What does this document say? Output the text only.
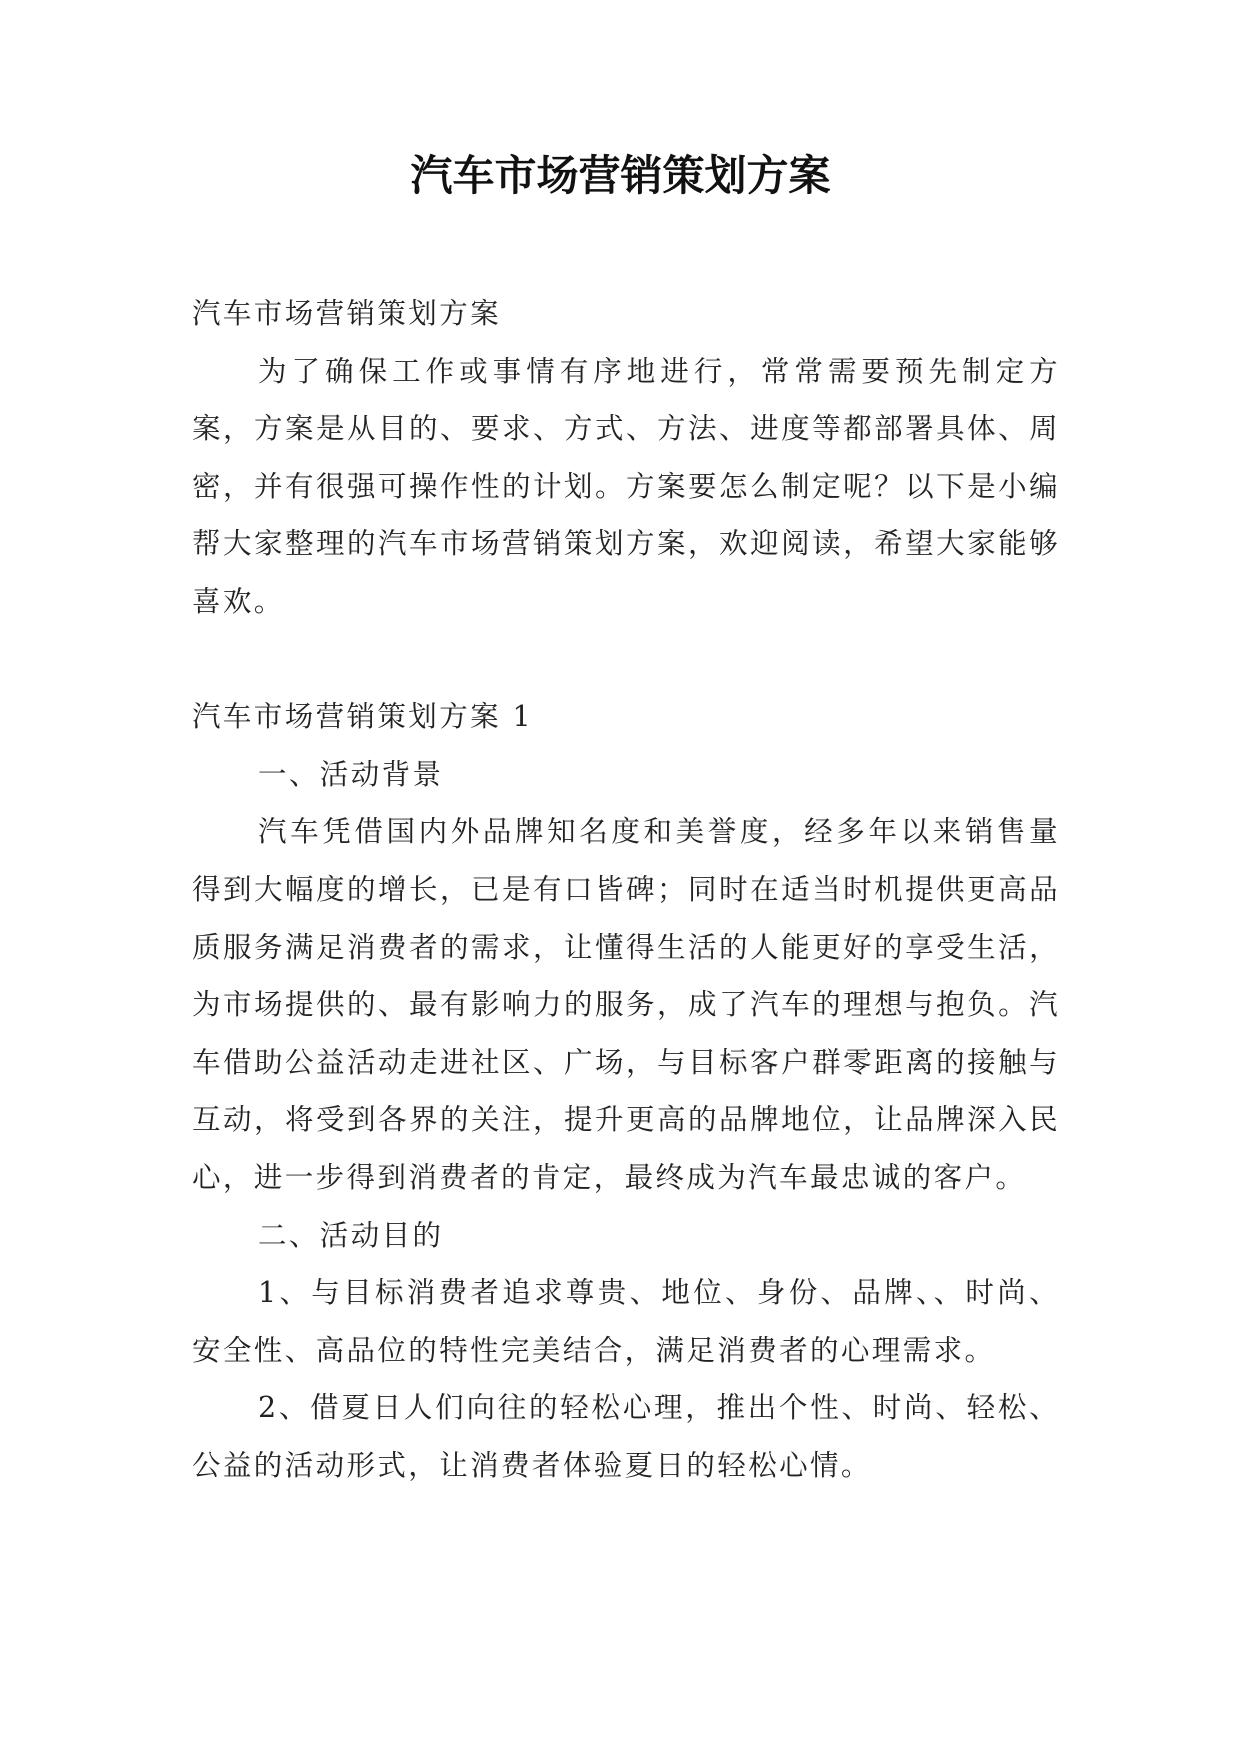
汽车市场营销策划方案

汽车市场营销策划方案

为了确保工作或事情有序地进行，常常需要预先制定方案，方案是从目的、要求、方式、方法、进度等都部署具体、周密，并有很强可操作性的计划。方案要怎么制定呢？以下是小编帮大家整理的汽车市场营销策划方案，欢迎阅读，希望大家能够喜欢。

汽车市场营销策划方案 1

一、活动背景

汽车凭借国内外品牌知名度和美誉度，经多年以来销售量得到大幅度的增长，已是有口皆碑；同时在适当时机提供更高品质服务满足消费者的需求，让懂得生活的人能更好的享受生活，为市场提供的、最有影响力的服务，成了汽车的理想与抱负。汽车借助公益活动走进社区、广场，与目标客户群零距离的接触与互动，将受到各界的关注，提升更高的品牌地位，让品牌深入民心，进一步得到消费者的肯定，最终成为汽车最忠诚的客户。

二、活动目的

1、与目标消费者追求尊贵、地位、身份、品牌、、时尚、安全性、高品位的特性完美结合，满足消费者的心理需求。

2、借夏日人们向往的轻松心理，推出个性、时尚、轻松、公益的活动形式，让消费者体验夏日的轻松心情。
